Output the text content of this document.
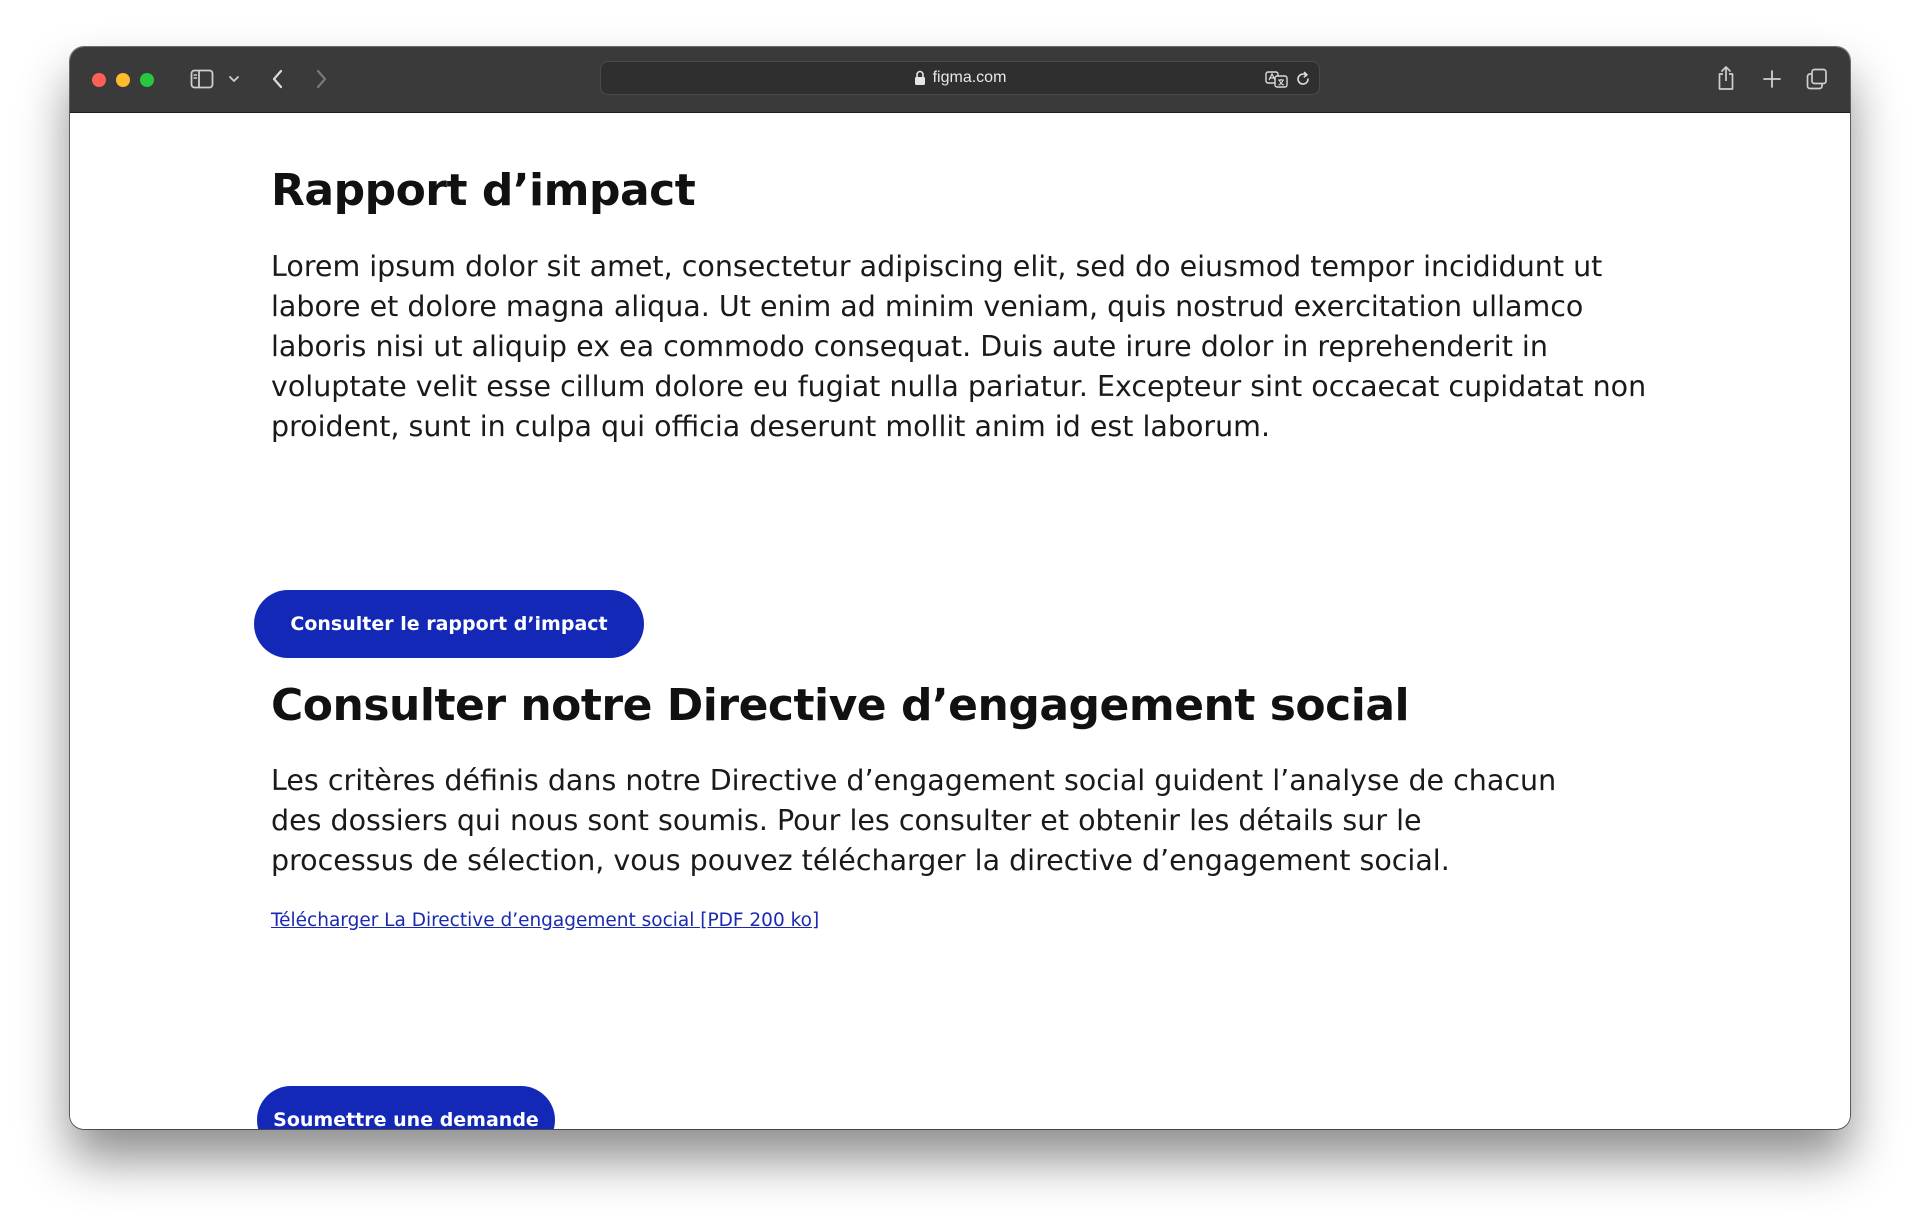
figma.com
Rapport d’impact

Lorem ipsum dolor sit amet, consectetur adipiscing elit, sed do eiusmod tempor incididunt ut
labore et dolore magna aliqua. Ut enim ad minim veniam, quis nostrud exercitation ullamco
laboris nisi ut aliquip ex ea commodo consequat. Duis aute irure dolor in reprehenderit in
voluptate velit esse cillum dolore eu fugiat nulla pariatur. Excepteur sint occaecat cupidatat non
proident, sunt in culpa qui officia deserunt mollit anim id est laborum.

Consulter le rapport d’impact
Consulter notre Directive d’engagement social

Les critères définis dans notre Directive d’engagement social guident l’analyse de chacun
des dossiers qui nous sont soumis. Pour les consulter et obtenir les détails sur le
processus de sélection, vous pouvez télécharger la directive d’engagement social.

Télécharger La Directive d’engagement social [PDF 200 ko]
Soumettre une demande
